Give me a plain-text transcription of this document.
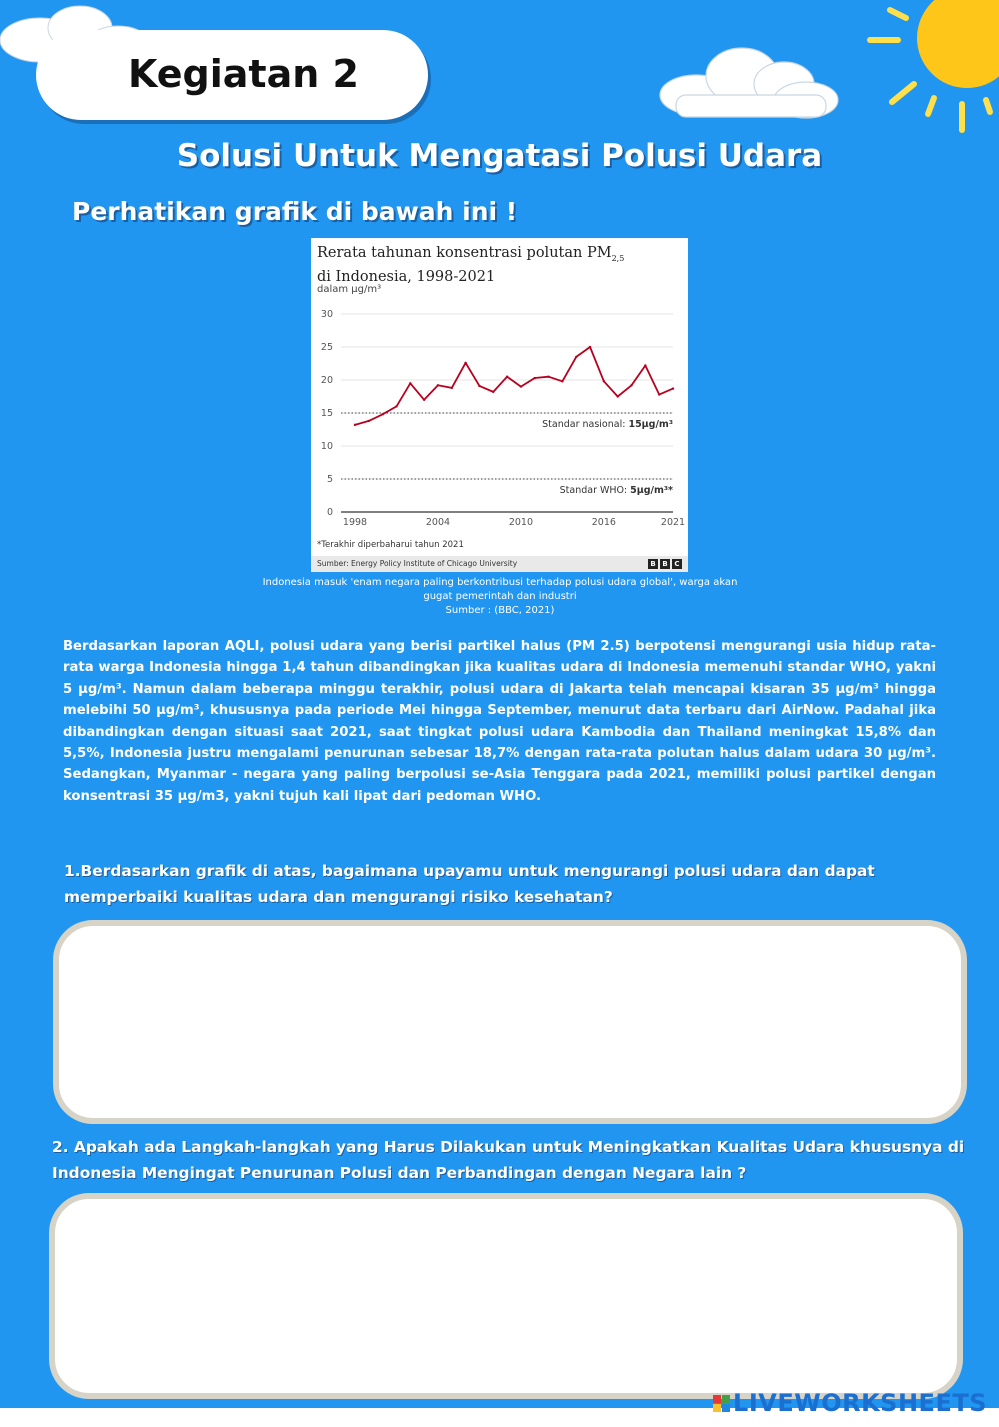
Kegiatan 2
Solusi Untuk Mengatasi Polusi Udara
Perhatikan grafik di bawah ini !
Rerata tahunan konsentrasi polutan $PM_{2,5}$
di Indonesia, 1998-2021
dalam µg/m³
0
5
10
15
20
25
30
1998	2004	2010	2016	2021
Standar nasional: 15µg/m³
Standar WHO: 5µg/m³*
*Terakhir diperbaharui tahun 2021
Sumber: Energy Policy Institute of Chicago University	B B C
Indonesia masuk 'enam negara paling berkontribusi terhadap polusi udara global', warga akan
gugat pemerintah dan industri
Sumber : (BBC, 2021)
Berdasarkan laporan AQLI, polusi udara yang berisi partikel halus (PM 2.5) berpotensi mengurangi usia hidup rata-rata warga Indonesia hingga 1,4 tahun dibandingkan jika kualitas udara di Indonesia memenuhi standar WHO, yakni 5 µg/m³. Namun dalam beberapa minggu terakhir, polusi udara di Jakarta telah mencapai kisaran 35 µg/m³ hingga melebihi 50 µg/m³, khususnya pada periode Mei hingga September, menurut data terbaru dari AirNow. Padahal jika dibandingkan dengan situasi saat 2021, saat tingkat polusi udara Kambodia dan Thailand meningkat 15,8% dan 5,5%, Indonesia justru mengalami penurunan sebesar 18,7% dengan rata-rata polutan halus dalam udara 30 µg/m³. Sedangkan, Myanmar - negara yang paling berpolusi se-Asia Tenggara pada 2021, memiliki polusi partikel dengan konsentrasi 35 µg/m3, yakni tujuh kali lipat dari pedoman WHO.
1.Berdasarkan grafik di atas, bagaimana upayamu untuk mengurangi polusi udara dan dapat memperbaiki kualitas udara dan mengurangi risiko kesehatan?
2. Apakah ada Langkah-langkah yang Harus Dilakukan untuk Meningkatkan Kualitas Udara khususnya di Indonesia Mengingat Penurunan Polusi dan Perbandingan dengan Negara lain ?
LIVEWORKSHEETS
